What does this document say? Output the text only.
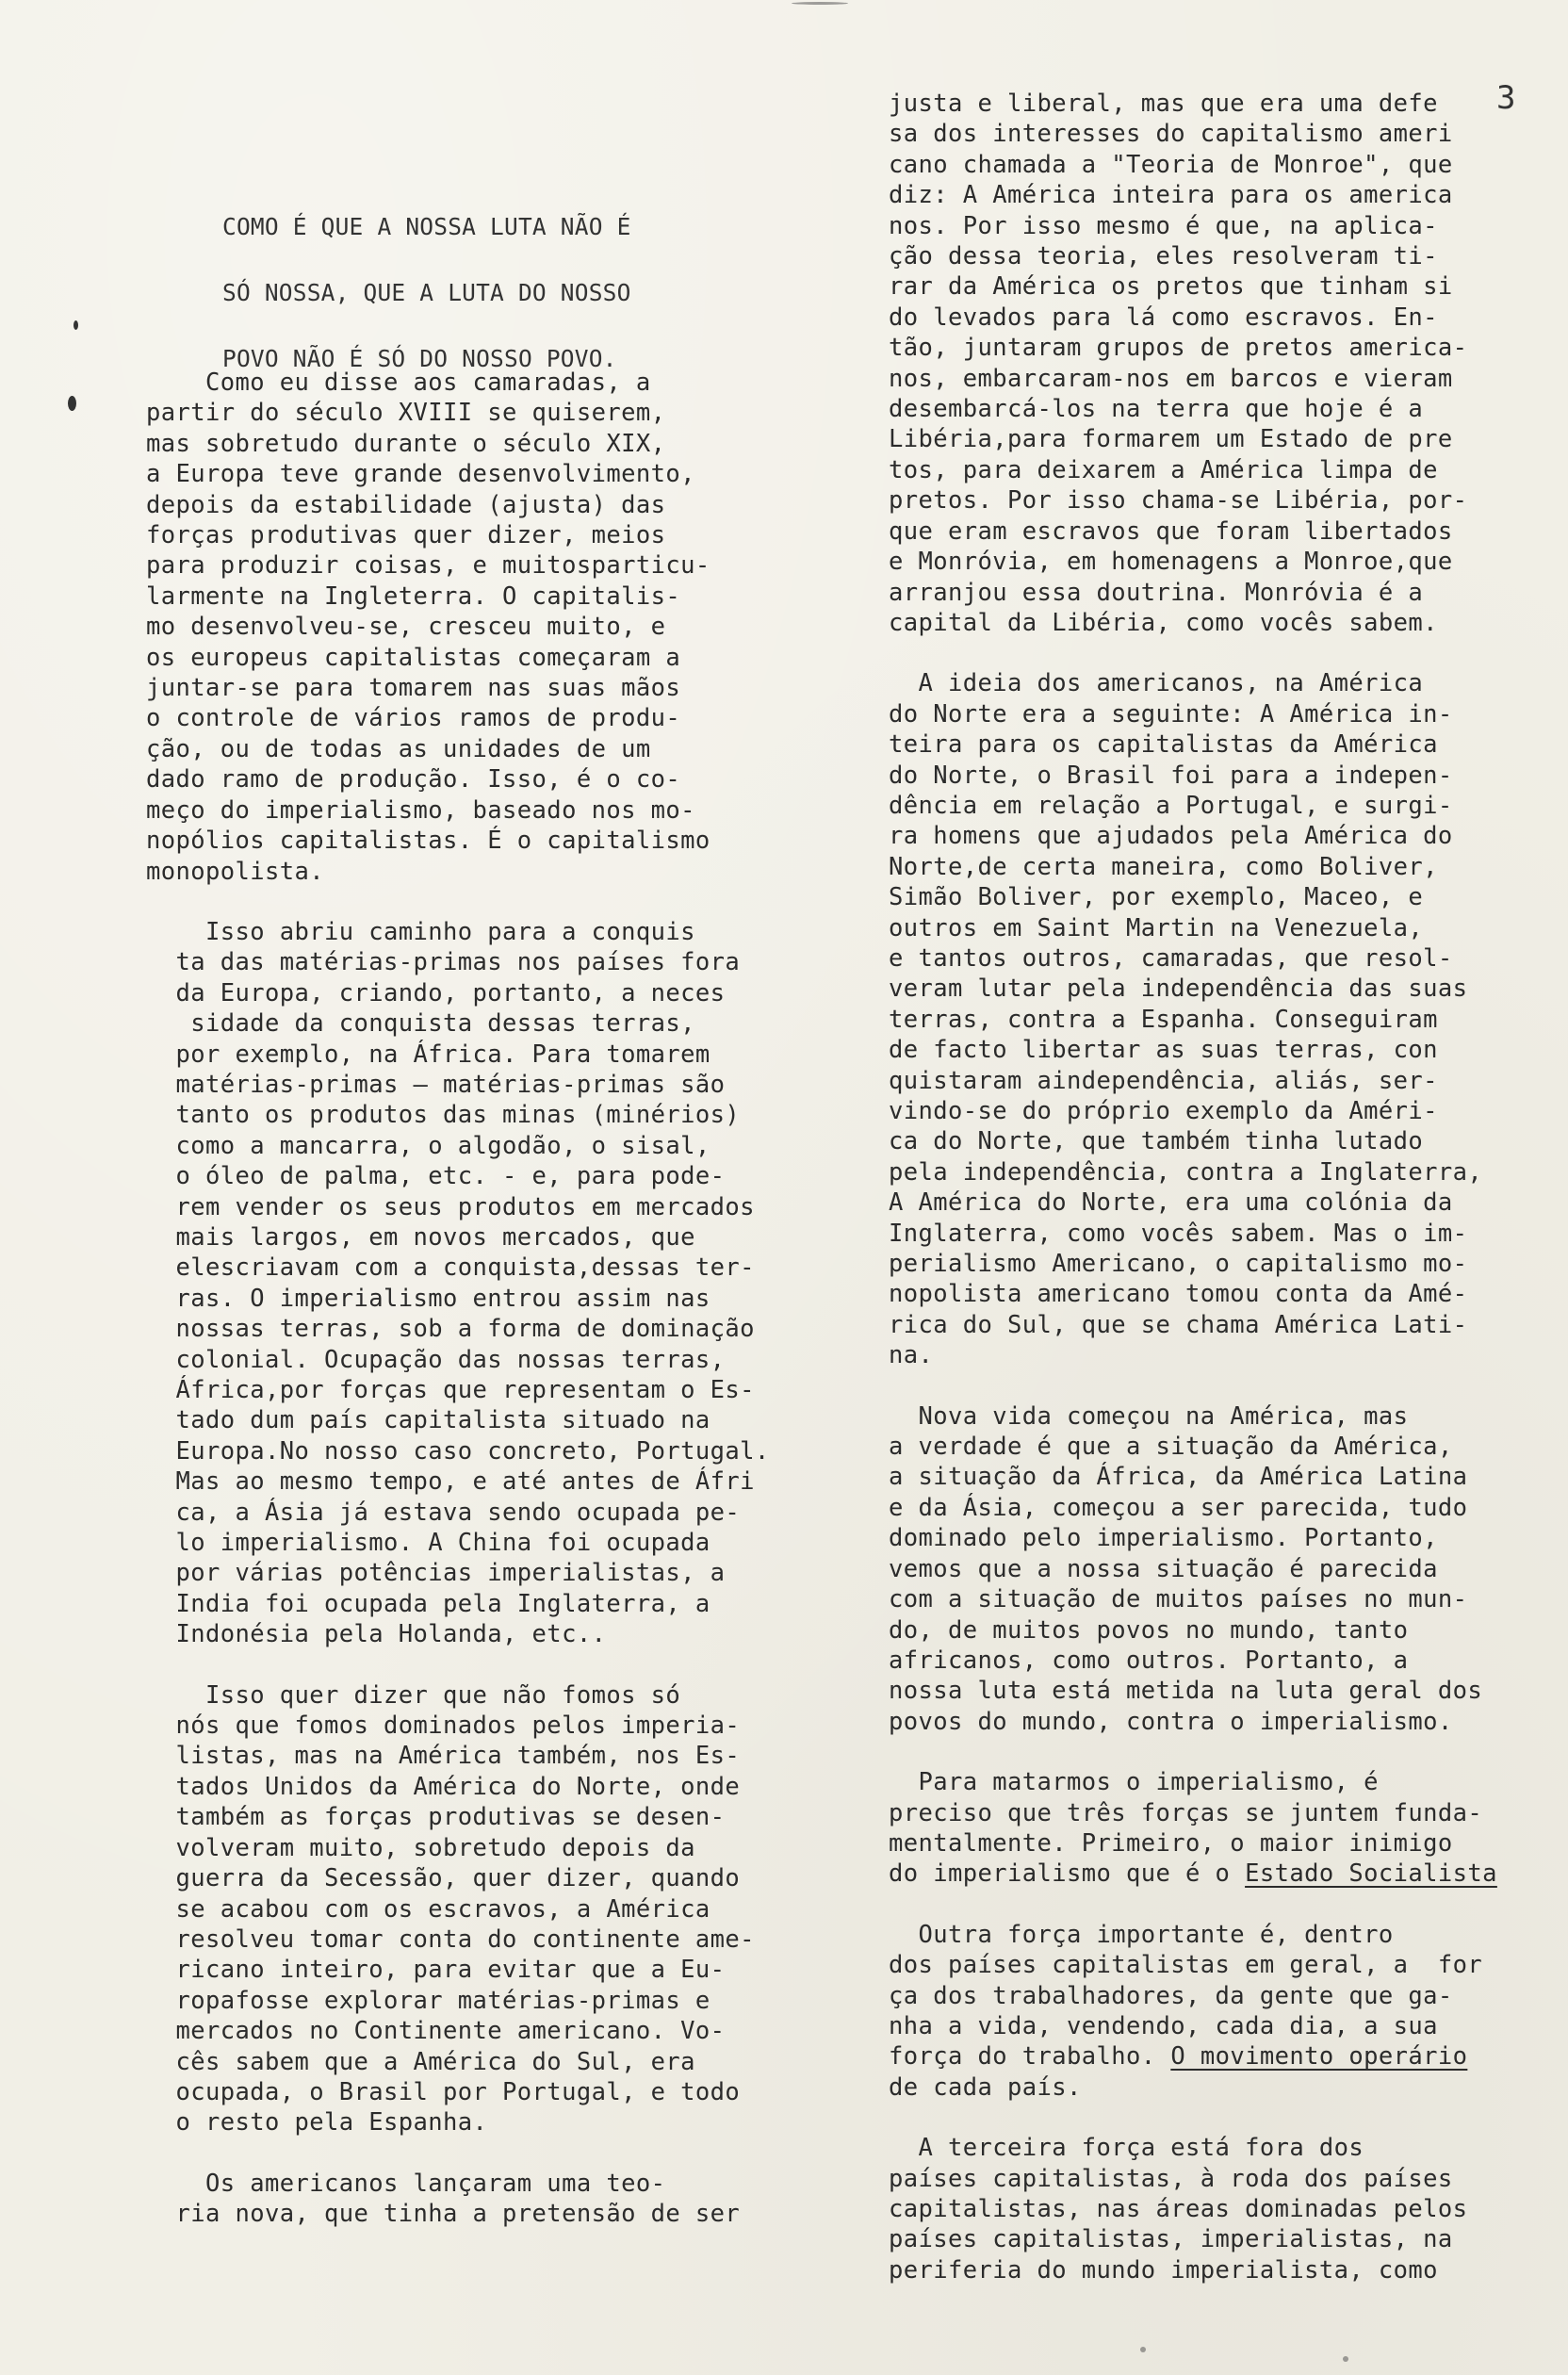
3

COMO É QUE A NOSSA LUTA NÃO É

SÓ NOSSA, QUE A LUTA DO NOSSO

POVO NÃO É SÓ DO NOSSO POVO.

Como eu disse aos camaradas, a
partir do século XVIII se quiserem,
mas sobretudo durante o século XIX,
a Europa teve grande desenvolvimento,
depois da estabilidade (ajusta) das
forças produtivas quer dizer, meios
para produzir coisas, e muitosparticu-
larmente na Ingleterra. O capitalis-
mo desenvolveu-se, cresceu muito, e
os europeus capitalistas começaram a
juntar-se para tomarem nas suas mãos
o controle de vários ramos de produ-
ção, ou de todas as unidades de um
dado ramo de produção. Isso, é o co-
meço do imperialismo, baseado nos mo-
nopólios capitalistas. É o capitalismo
monopolista.
Isso abriu caminho para a conquis
ta das matérias-primas nos países fora
da Europa, criando, portanto, a neces
sidade da conquista dessas terras,
por exemplo, na África. Para tomarem
matérias-primas — matérias-primas são
tanto os produtos das minas (minérios)
como a mancarra, o algodão, o sisal,
o óleo de palma, etc. - e, para pode-
rem vender os seus produtos em mercados
mais largos, em novos mercados, que
elescriavam com a conquista,dessas ter-
ras. O imperialismo entrou assim nas
nossas terras, sob a forma de dominação
colonial. Ocupação das nossas terras,
África,por forças que representam o Es-
tado dum país capitalista situado na
Europa.No nosso caso concreto, Portugal.
Mas ao mesmo tempo, e até antes de Áfri
ca, a Ásia já estava sendo ocupada pe-
lo imperialismo. A China foi ocupada
por várias potências imperialistas, a
India foi ocupada pela Inglaterra, a
Indonésia pela Holanda, etc..
Isso quer dizer que não fomos só
nós que fomos dominados pelos imperia-
listas, mas na América também, nos Es-
tados Unidos da América do Norte, onde
também as forças produtivas se desen-
volveram muito, sobretudo depois da
guerra da Secessão, quer dizer, quando
se acabou com os escravos, a América
resolveu tomar conta do continente ame-
ricano inteiro, para evitar que a Eu-
ropafosse explorar matérias-primas e
mercados no Continente americano. Vo-
cês sabem que a América do Sul, era
ocupada, o Brasil por Portugal, e todo
o resto pela Espanha.
Os americanos lançaram uma teo-
ria nova, que tinha a pretensão de ser
justa e liberal, mas que era uma defe
sa dos interesses do capitalismo ameri
cano chamada a "Teoria de Monroe", que
diz: A América inteira para os america
nos. Por isso mesmo é que, na aplica-
ção dessa teoria, eles resolveram ti-
rar da América os pretos que tinham si
do levados para lá como escravos. En-
tão, juntaram grupos de pretos america-
nos, embarcaram-nos em barcos e vieram
desembarcá-los na terra que hoje é a
Libéria,para formarem um Estado de pre
tos, para deixarem a América limpa de
pretos. Por isso chama-se Libéria, por-
que eram escravos que foram libertados
e Monróvia, em homenagens a Monroe,que
arranjou essa doutrina. Monróvia é a
capital da Libéria, como vocês sabem.
A ideia dos americanos, na América
do Norte era a seguinte: A América in-
teira para os capitalistas da América
do Norte, o Brasil foi para a indepen-
dência em relação a Portugal, e surgi-
ra homens que ajudados pela América do
Norte,de certa maneira, como Boliver,
Simão Boliver, por exemplo, Maceo, e
outros em Saint Martin na Venezuela,
e tantos outros, camaradas, que resol-
veram lutar pela independência das suas
terras, contra a Espanha. Conseguiram
de facto libertar as suas terras, con
quistaram aindependência, aliás, ser-
vindo-se do próprio exemplo da Améri-
ca do Norte, que também tinha lutado
pela independência, contra a Inglaterra,
A América do Norte, era uma colónia da
Inglaterra, como vocês sabem. Mas o im-
perialismo Americano, o capitalismo mo-
nopolista americano tomou conta da Amé-
rica do Sul, que se chama América Lati-
na.
Nova vida começou na América, mas
a verdade é que a situação da América,
a situação da África, da América Latina
e da Ásia, começou a ser parecida, tudo
dominado pelo imperialismo. Portanto,
vemos que a nossa situação é parecida
com a situação de muitos países no mun-
do, de muitos povos no mundo, tanto
africanos, como outros. Portanto, a
nossa luta está metida na luta geral dos
povos do mundo, contra o imperialismo.
Para matarmos o imperialismo, é
preciso que três forças se juntem funda-
mentalmente. Primeiro, o maior inimigo
do imperialismo que é o Estado Socialista
Outra força importante é, dentro
dos países capitalistas em geral, a  for
ça dos trabalhadores, da gente que ga-
nha a vida, vendendo, cada dia, a sua
força do trabalho. O movimento operário
de cada país.
A terceira força está fora dos
países capitalistas, à roda dos países
capitalistas, nas áreas dominadas pelos
países capitalistas, imperialistas, na
periferia do mundo imperialista, como
